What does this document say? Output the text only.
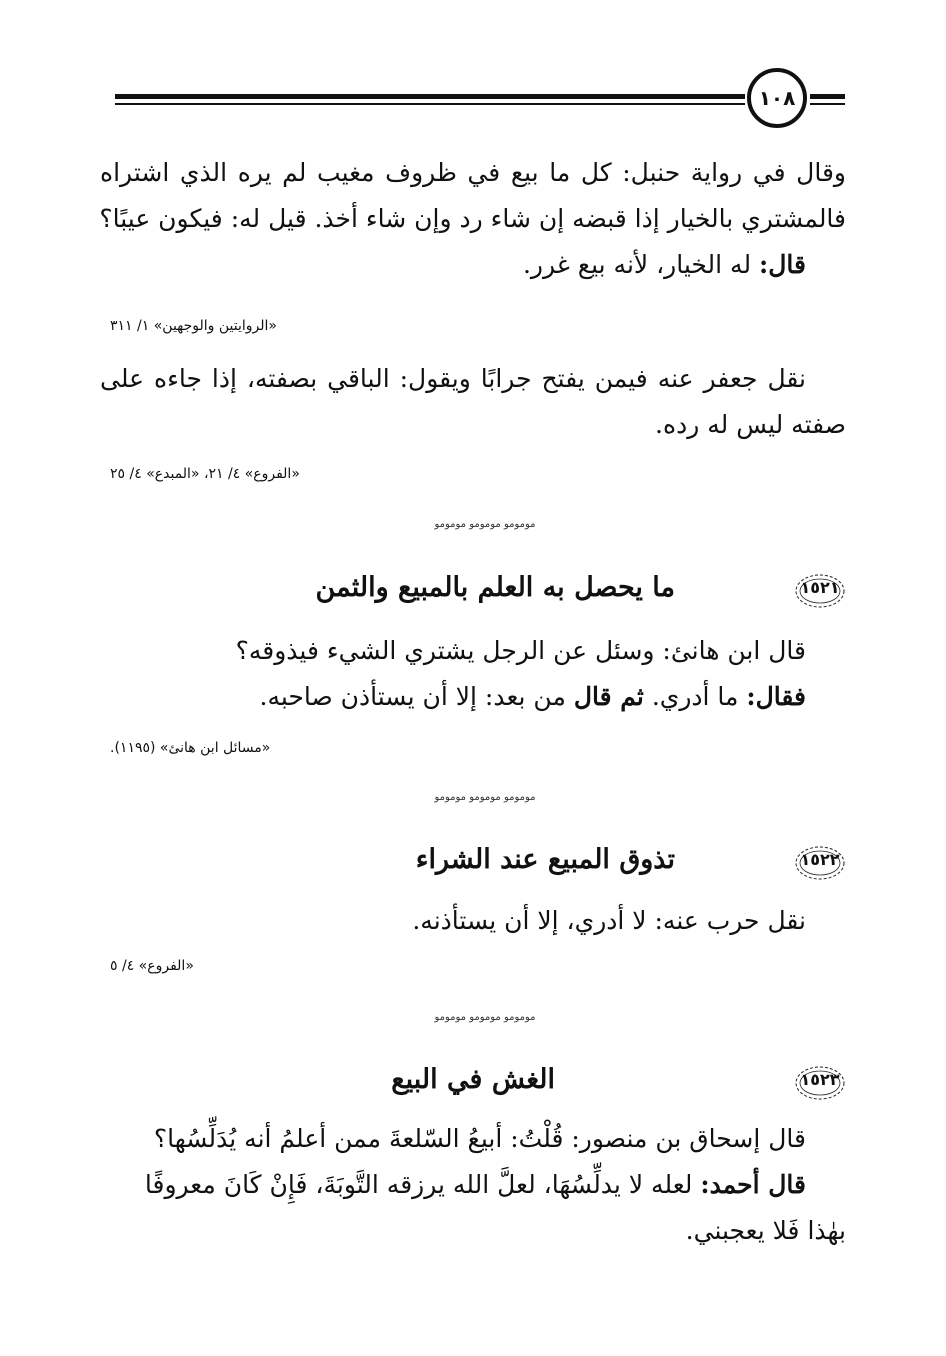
١٠٨
وقال في رواية حنبل: كل ما بيع في ظروف مغيب لم يره الذي اشتراه
فالمشتري بالخيار إذا قبضه إن شاء رد وإن شاء أخذ. قيل له: فيكون عيبًا؟
قال: له الخيار، لأنه بيع غرر.
«الروايتين والوجهين» ١/ ٣١١
نقل جعفر عنه فيمن يفتح جرابًا ويقول: الباقي بصفته، إذا جاءه على
صفته ليس له رده.
«الفروع» ٤/ ٢١، «المبدع» ٤/ ٢٥
ﻣﻮﻣﻮﻣﻮ ﻣﻮﻣﻮﻣﻮ ﻣﻮﻣﻮﻣﻮ
١٥٢١
ما يحصل به العلم بالمبيع والثمن
قال ابن هانئ: وسئل عن الرجل يشتري الشيء فيذوقه؟
فقال: ما أدري. ثم قال من بعد: إلا أن يستأذن صاحبه.
«مسائل ابن هانئ» (١١٩٥).
ﻣﻮﻣﻮﻣﻮ ﻣﻮﻣﻮﻣﻮ ﻣﻮﻣﻮﻣﻮ
١٥٢٢
تذوق المبيع عند الشراء
نقل حرب عنه: لا أدري، إلا أن يستأذنه.
«الفروع» ٤/ ٥
ﻣﻮﻣﻮﻣﻮ ﻣﻮﻣﻮﻣﻮ ﻣﻮﻣﻮﻣﻮ
١٥٢٣
الغش في البيع
قال إسحاق بن منصور: قُلْتُ: أبيعُ السّلعةَ ممن أعلمُ أنه يُدَلِّسُها؟
قال أحمد: لعله لا يدلِّسُهَا، لعلَّ الله يرزقه التَّوبَةَ، فَإِنْ كَانَ معروفًا
بهٰذا فَلا يعجبني.
